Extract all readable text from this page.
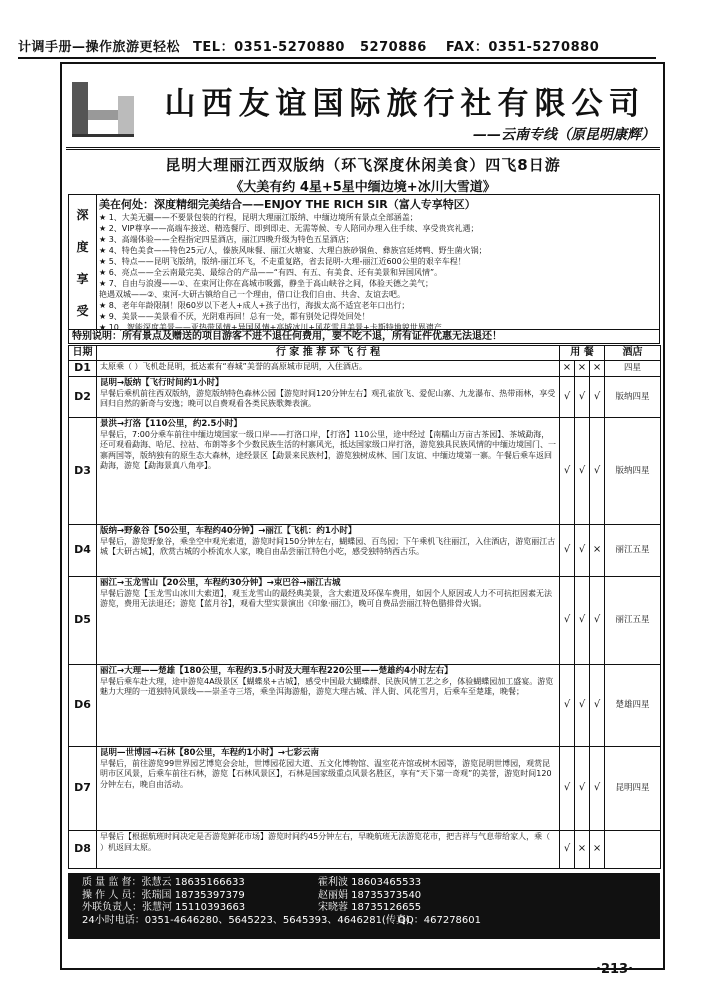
计调手册—操作旅游更轻松 TEL：0351-5270880 5270886 FAX：0351-5270880
山西友谊国际旅行社有限公司
——云南专线（原昆明康辉）
昆明大理丽江西双版纳（环飞深度休闲美食）四飞8日游
《大美有约 4星+5星中缅边境+冰川大雪道》
深
度
享
受
美在何处：深度精细完美结合——ENJOY THE RICH SIR（富人专享特区）
★ 1、大美无疆——不要景包装的行程，昆明大理丽江版纳、中缅边境所有景点全部涵盖；
★ 2、VIP尊享——高端车接送、精选餐厅、即到即走、无需等候、专人陪同办理入住手续、享受贵宾礼遇；
★ 3、高端体验——全程指定四星酒店，丽江四晚升级为特色五星酒店；
★ 4、特色美食——特色25元/人，傣族风味餐、丽江火塘宴、大理白族砂锅鱼、彝族宫廷烤鸭、野生菌火锅；
★ 5、特点——昆明飞版纳，版纳-丽江环飞，不走重复路，省去昆明-大理-丽江近600公里的艰辛车程！
★ 6、亮点——全云南最完美、最综合的产品——“有四、有五、有美食、还有美景和异国风情”。
★ 7、自由与浪漫——①、在束河让你在高城市吸露，静坐于高山峡谷之间，体验天德之美气；
艳遇双城——②、束河-大研古镇给自己一个理由，借口让我们自由、共舍、友谊去吧。
★ 8、老年年龄限制！限60岁以下老人+成人+孩子出行，海拔太高不适宜老年口出行；
★ 9、美景——美景看不厌，光阴难再回！总有一处，都有别处记得处回处！
★ 10、智能深度美景——亚热带风情+异国风情+高城冰川+风花雪月美景+卡斯特地貌世界遗产
特别说明：所有景点及赠送的项目游客不进不退任何费用，要不吃不退，所有证件优惠无法退还！
日期	行 家 推 荐 环 飞 行 程	用 餐			酒店
D1	太原乘（ ）飞机赴昆明，抵达素有“春城”美誉的高原城市昆明，入住酒店。	×	×	×	四星
D2	昆明→版纳【飞行时间约1小时】
早餐后乘机前往西双版纳，游览版纳特色森林公园【游览时间120分钟左右】观孔雀放飞、爱伲山寨、九龙瀑布、热带雨林，享受回归自然的新奇与安逸；晚可以自费观看各类民族歌舞表演。	√	√	√	版纳四星
D3	景洪→打洛【110公里，约2.5小时】
早餐后，7:00分乘车前往中缅边境国家一级口岸——打洛口岸，【打洛】110公里，途中经过【南糯山万亩古茶园】、茶城勐海，还可观看勐海、哈尼、拉祜、布朗等多个少数民族生活的村寨风光，抵达国家级口岸打洛，游览独具民族风情的中缅边境国门、一寨两国等，版纳独有的原生态大森林，途经景区【勐景来民族村】，游览独树成林、国门友谊、中缅边境第一寨。午餐后乘车返回勐海，游览【勐海景真八角亭】。	√	√	√	版纳四星
D4	版纳→野象谷【50公里，车程约40分钟】→丽江【飞机：约1小时】
早餐后，游览野象谷，乘坐空中观光索道，游览时间150分钟左右，蝴蝶园、百鸟园；下午乘机飞往丽江，入住酒店，游览丽江古城【大研古城】，欣赏古城的小桥流水人家，晚自由品尝丽江特色小吃，感受独特纳西古乐。	√	√	×	丽江五星
D5	丽江→玉龙雪山【20公里，车程约30分钟】→束巴谷→丽江古城
早餐后游览【玉龙雪山冰川大索道】，观玉龙雪山的最经典美景，含大索道及环保车费用，如因个人原因或人力不可抗拒因素无法游览，费用无法退还；游览【蓝月谷】，观看大型实景演出《印象·丽江》，晚可自费品尝丽江特色腊排骨火锅。	√	√	√	丽江五星
D6	丽江→大理——楚雄【180公里，车程约3.5小时及大理车程220公里——楚雄约4小时左右】
早餐后乘车赴大理，途中游览4A级景区【蝴蝶泉+古城】，感受中国最大蝴蝶群、民族风情工艺之乡，体验蝴蝶园加工盛宴。游览魅力大理的一道独特风景线——崇圣寺三塔，乘坐洱海游船，游览大理古城、洋人街、风花雪月，后乘车至楚雄，晚餐；	√	√	√	楚雄四星
D7	昆明—世博园→石林【80公里，车程约1小时】→七彩云南
早餐后，前往游览99世界园艺博览会会址，世博园花园大道、五文化博物馆、温室花卉馆或树木园等，游览昆明世博园，观赏昆明市区风景，后乘车前往石林，游览【石林风景区】，石林是国家级重点风景名胜区，享有“天下第一奇观”的美誉，游览时间120分钟左右，晚自由活动。	√	√	√	昆明四星
D8	早餐后【根据航班时间决定是否游览鲜花市场】游览时间约45分钟左右，早晚航班无法游览花市，把吉祥与气息带给家人，乘（ ）机返回太原。	√	×	×	
质 量 监 督：张慧云 18635166633	霍利波 18603465533
操 作 人 员：张瑞国 18735397379	赵丽娟 18735373540
外联负责人：张慧河 15110393663	宋晓蓉 18735126655
24小时电话：0351-4646280、5645223、5645393、4646281(传真)QQ：467278601
·213·
